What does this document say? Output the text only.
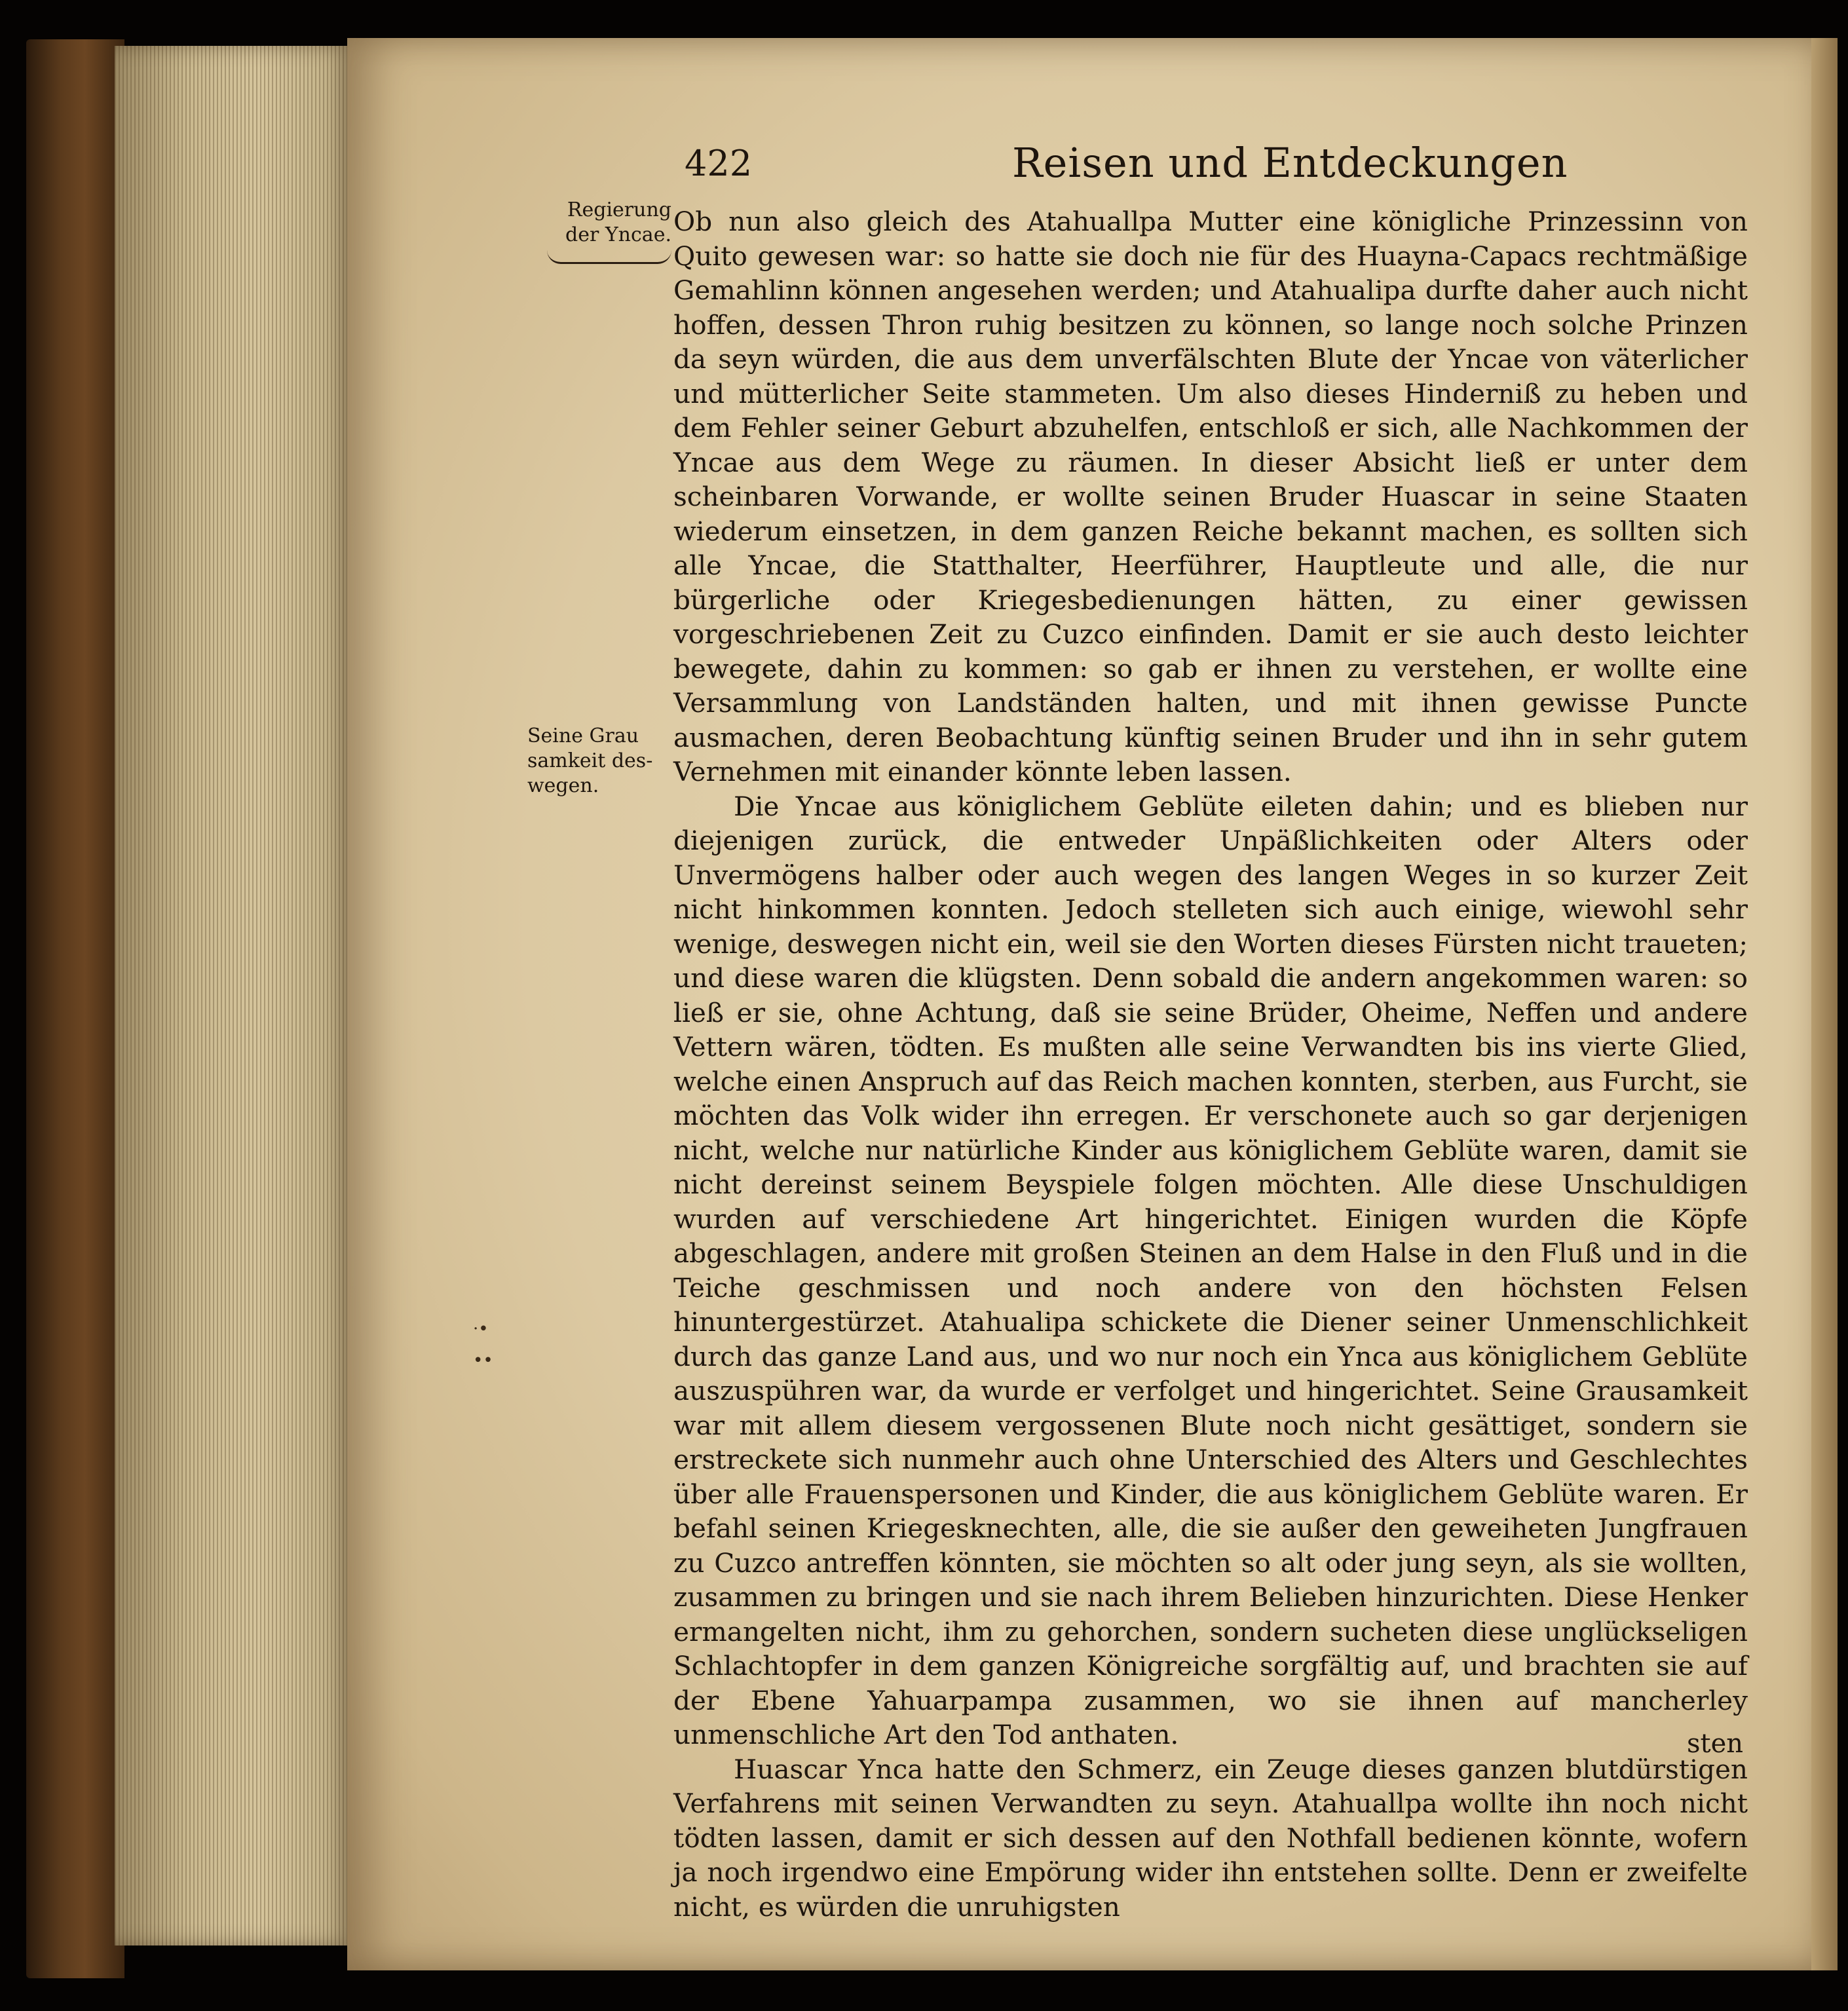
422	Reisen und Entdeckungen
Regierung der Yncae.
Seine Grau samkeit des- wegen.
·•
••

Ob nun also gleich des Atahuallpa Mutter eine königliche Prinzessinn von Quito gewesen war: so hatte sie doch nie für des Huayna-Capacs rechtmäßige Gemahlinn können angesehen werden; und Atahualipa durfte daher auch nicht hoffen, dessen Thron ruhig besitzen zu können, so lange noch solche Prinzen da seyn würden, die aus dem unverfälschten Blute der Yncae von väterlicher und mütterlicher Seite stammeten. Um also dieses Hinderniß zu heben und dem Fehler seiner Geburt abzuhelfen, entschloß er sich, alle Nachkommen der Yncae aus dem Wege zu räumen. In dieser Absicht ließ er unter dem scheinbaren Vorwande, er wollte seinen Bruder Huascar in seine Staaten wiederum einsetzen, in dem ganzen Reiche bekannt machen, es sollten sich alle Yncae, die Statthalter, Heerführer, Hauptleute und alle, die nur bürgerliche oder Kriegesbedienungen hätten, zu einer gewissen vorgeschriebenen Zeit zu Cuzco einfinden. Damit er sie auch desto leichter bewegete, dahin zu kommen: so gab er ihnen zu verstehen, er wollte eine Versammlung von Landständen halten, und mit ihnen gewisse Puncte ausmachen, deren Beobachtung künftig seinen Bruder und ihn in sehr gutem Vernehmen mit einander könnte leben lassen.

Die Yncae aus königlichem Geblüte eileten dahin; und es blieben nur diejenigen zurück, die entweder Unpäßlichkeiten oder Alters oder Unvermögens halber oder auch wegen des langen Weges in so kurzer Zeit nicht hinkommen konnten. Jedoch stelleten sich auch einige, wiewohl sehr wenige, deswegen nicht ein, weil sie den Worten dieses Fürsten nicht traueten; und diese waren die klügsten. Denn sobald die andern angekommen waren: so ließ er sie, ohne Achtung, daß sie seine Brüder, Oheime, Neffen und andere Vettern wären, tödten. Es mußten alle seine Verwandten bis ins vierte Glied, welche einen Anspruch auf das Reich machen konnten, sterben, aus Furcht, sie möchten das Volk wider ihn erregen. Er verschonete auch so gar derjenigen nicht, welche nur natürliche Kinder aus königlichem Geblüte waren, damit sie nicht dereinst seinem Beyspiele folgen möchten. Alle diese Unschuldigen wurden auf verschiedene Art hingerichtet. Einigen wurden die Köpfe abgeschlagen, andere mit großen Steinen an dem Halse in den Fluß und in die Teiche geschmissen und noch andere von den höchsten Felsen hinuntergestürzet. Atahualipa schickete die Diener seiner Unmenschlichkeit durch das ganze Land aus, und wo nur noch ein Ynca aus königlichem Geblüte auszuspühren war, da wurde er verfolget und hingerichtet. Seine Grausamkeit war mit allem diesem vergossenen Blute noch nicht gesättiget, sondern sie erstreckete sich nunmehr auch ohne Unterschied des Alters und Geschlechtes über alle Frauenspersonen und Kinder, die aus königlichem Geblüte waren. Er befahl seinen Kriegesknechten, alle, die sie außer den geweiheten Jungfrauen zu Cuzco antreffen könnten, sie möchten so alt oder jung seyn, als sie wollten, zusammen zu bringen und sie nach ihrem Belieben hinzurichten. Diese Henker ermangelten nicht, ihm zu gehorchen, sondern sucheten diese unglückseligen Schlachtopfer in dem ganzen Königreiche sorgfältig auf, und brachten sie auf der Ebene Yahuarpampa zusammen, wo sie ihnen auf mancherley unmenschliche Art den Tod anthaten.

Huascar Ynca hatte den Schmerz, ein Zeuge dieses ganzen blutdürstigen Verfahrens mit seinen Verwandten zu seyn. Atahuallpa wollte ihn noch nicht tödten lassen, damit er sich dessen auf den Nothfall bedienen könnte, wofern ja noch irgendwo eine Empörung wider ihn entstehen sollte. Denn er zweifelte nicht, es würden die unruhigsten

sten
